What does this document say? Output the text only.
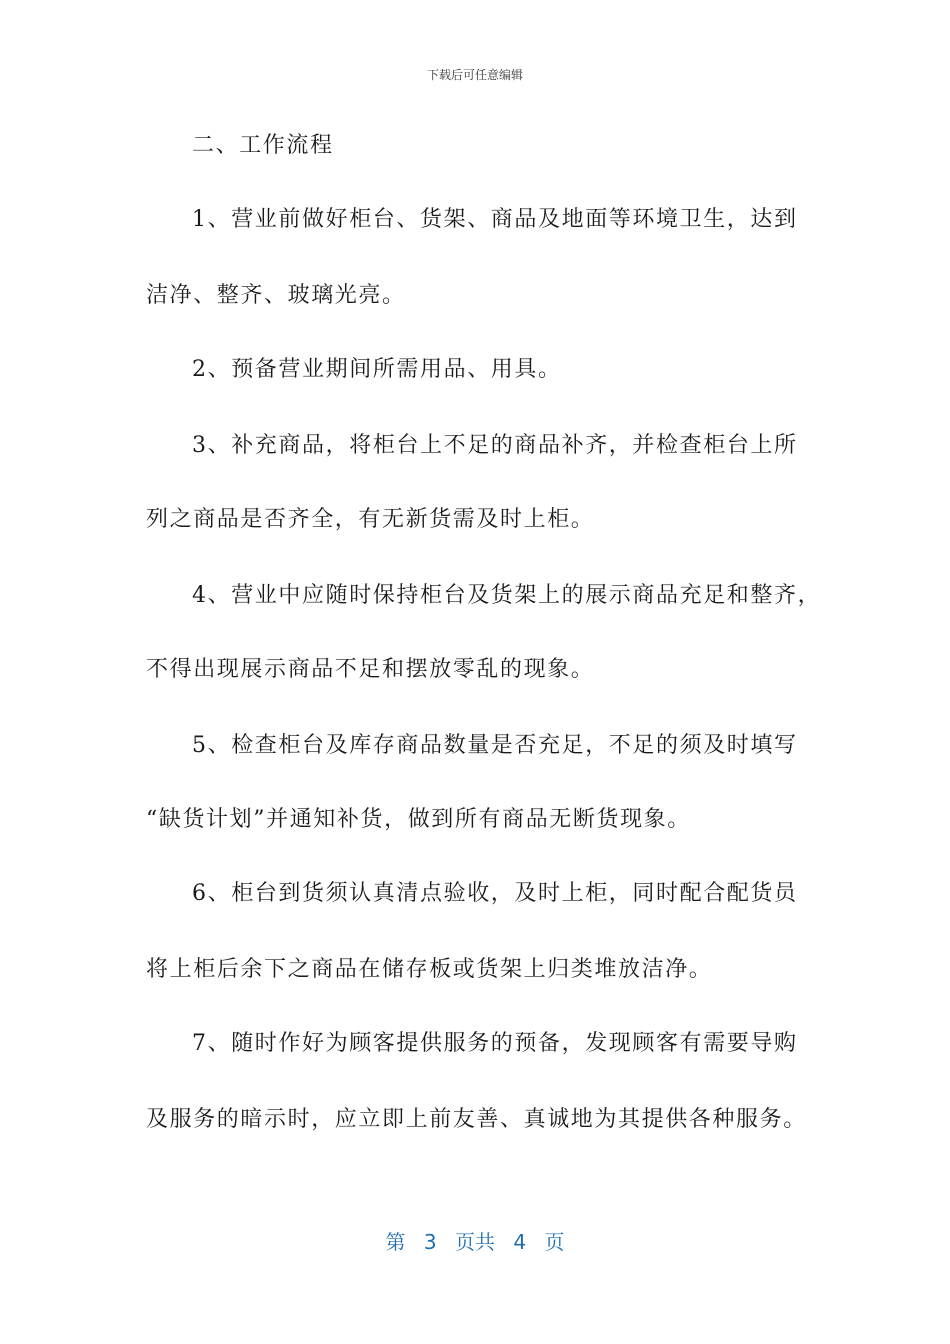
下载后可任意编辑
二、工作流程
1、营业前做好柜台、货架、商品及地面等环境卫生，达到
洁净、整齐、玻璃光亮。
2、预备营业期间所需用品、用具。
3、补充商品，将柜台上不足的商品补齐，并检查柜台上所
列之商品是否齐全，有无新货需及时上柜。
4、营业中应随时保持柜台及货架上的展示商品充足和整齐，
不得出现展示商品不足和摆放零乱的现象。
5、检查柜台及库存商品数量是否充足，不足的须及时填写
“缺货计划”并通知补货，做到所有商品无断货现象。
6、柜台到货须认真清点验收，及时上柜，同时配合配货员
将上柜后余下之商品在储存板或货架上归类堆放洁净。
7、随时作好为顾客提供服务的预备，发现顾客有需要导购
及服务的暗示时，应立即上前友善、真诚地为其提供各种服务。
第 3 页共 4 页
